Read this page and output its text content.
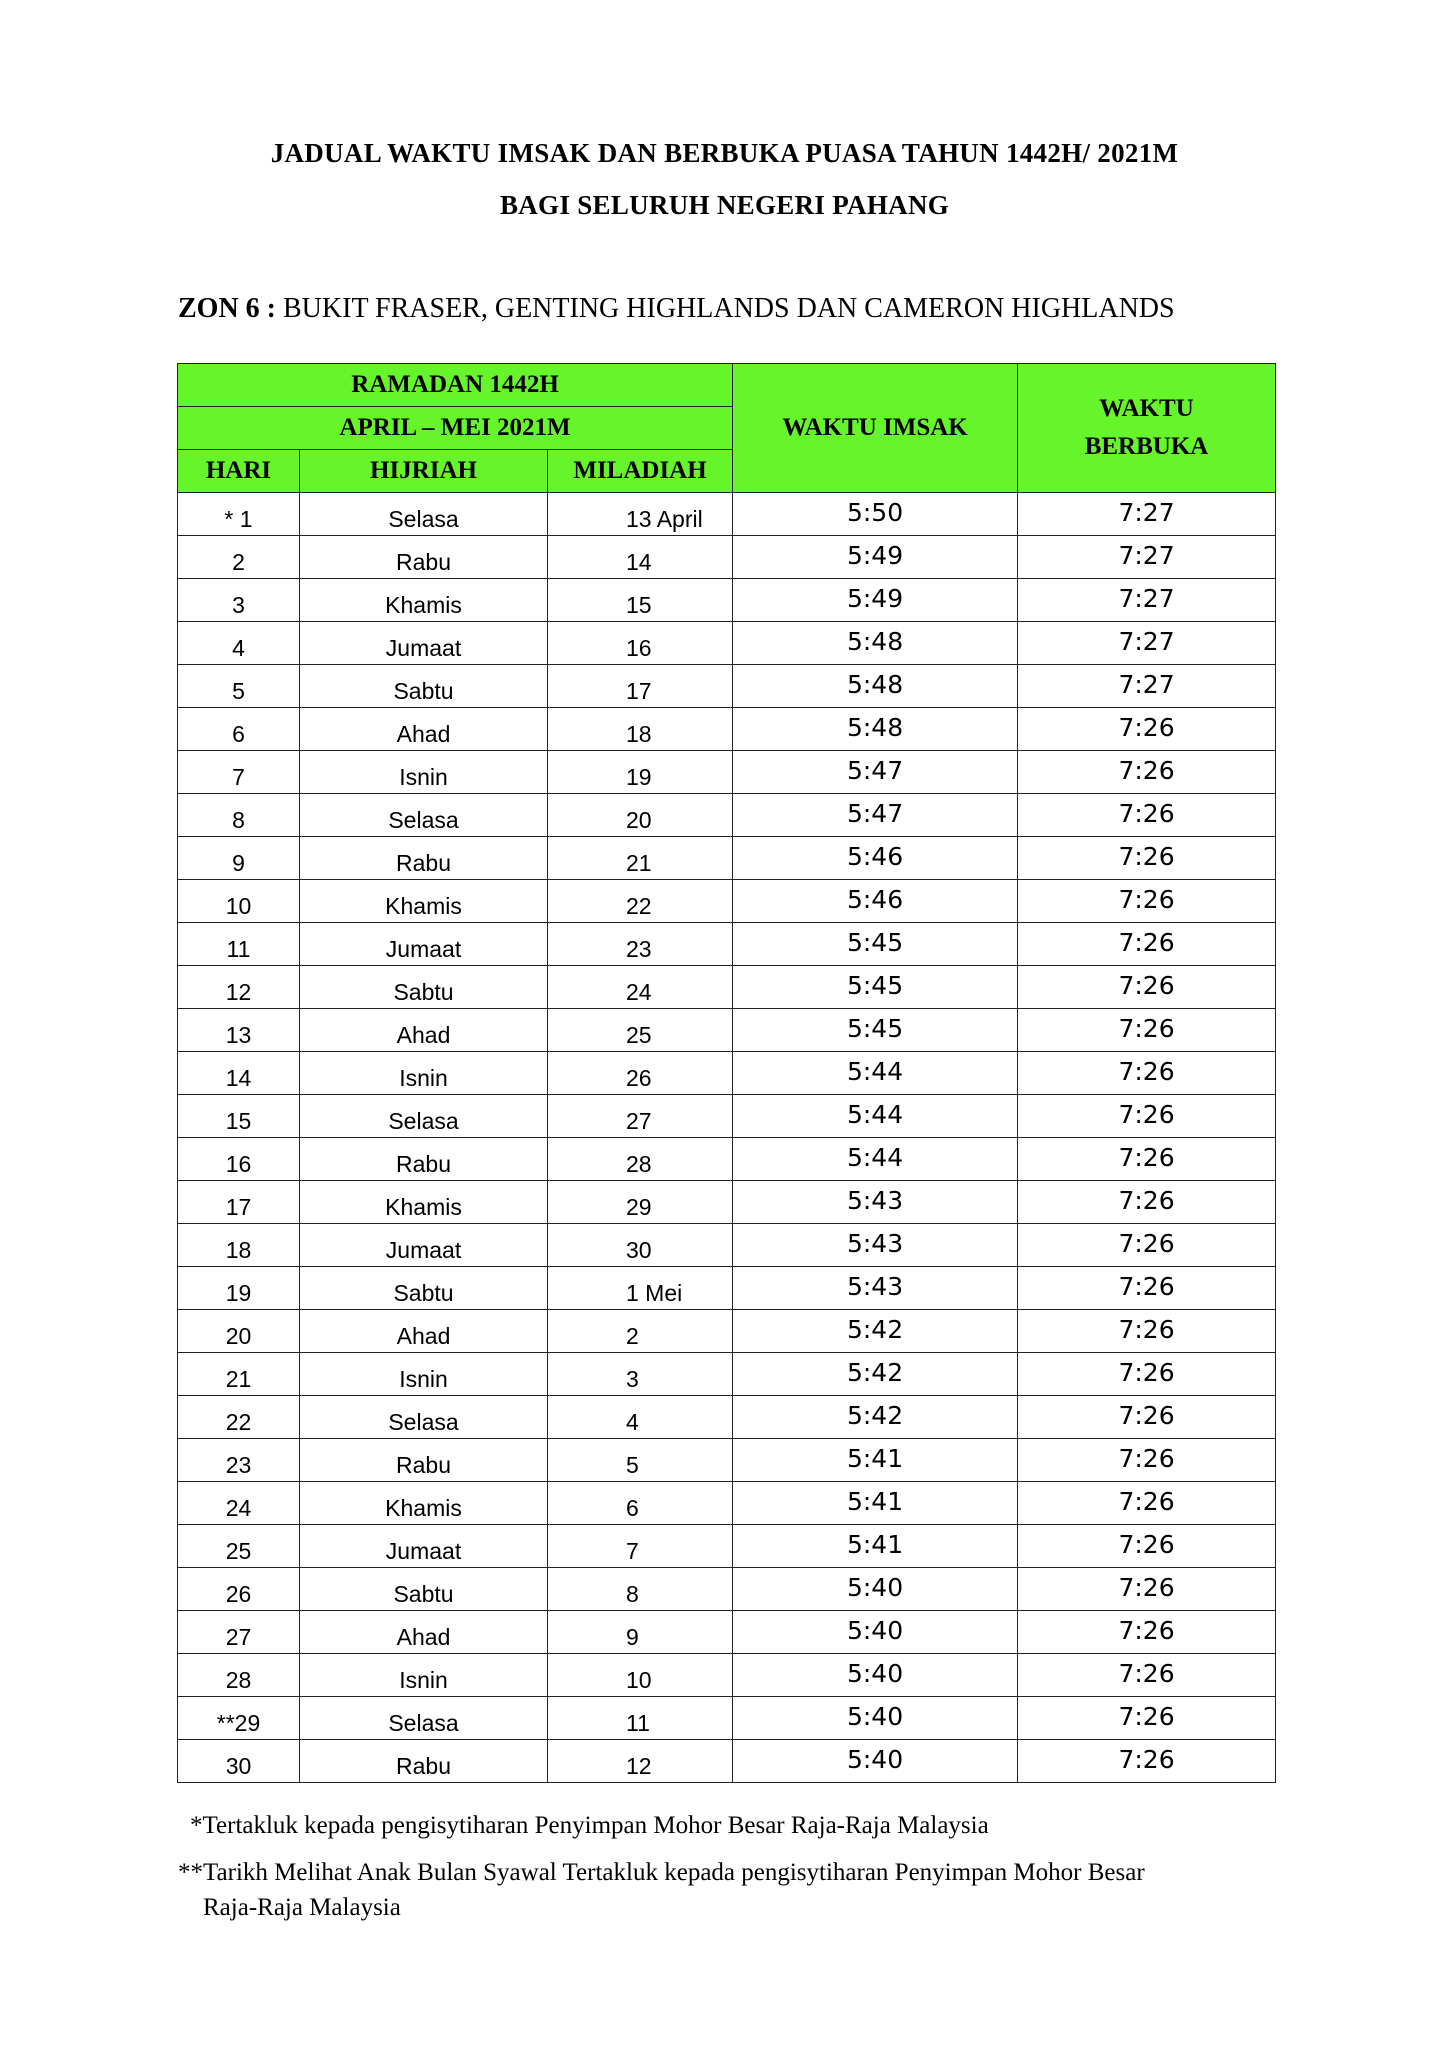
JADUAL WAKTU IMSAK DAN BERBUKA PUASA TAHUN 1442H/ 2021M
BAGI SELURUH NEGERI PAHANG
ZON 6 : BUKIT FRASER, GENTING HIGHLANDS DAN CAMERON HIGHLANDS
RAMADAN 1442H			WAKTU IMSAK	WAKTU
BERBUKA

APRIL – MEI 2021M				
HARI	HIJRIAH	MILADIAH		
* 1	Selasa	13 April	5:50	7:27
2	Rabu	14	5:49	7:27
3	Khamis	15	5:49	7:27
4	Jumaat	16	5:48	7:27
5	Sabtu	17	5:48	7:27
6	Ahad	18	5:48	7:26
7	Isnin	19	5:47	7:26
8	Selasa	20	5:47	7:26
9	Rabu	21	5:46	7:26
10	Khamis	22	5:46	7:26
11	Jumaat	23	5:45	7:26
12	Sabtu	24	5:45	7:26
13	Ahad	25	5:45	7:26
14	Isnin	26	5:44	7:26
15	Selasa	27	5:44	7:26
16	Rabu	28	5:44	7:26
17	Khamis	29	5:43	7:26
18	Jumaat	30	5:43	7:26
19	Sabtu	1 Mei	5:43	7:26
20	Ahad	2	5:42	7:26
21	Isnin	3	5:42	7:26
22	Selasa	4	5:42	7:26
23	Rabu	5	5:41	7:26
24	Khamis	6	5:41	7:26
25	Jumaat	7	5:41	7:26
26	Sabtu	8	5:40	7:26
27	Ahad	9	5:40	7:26
28	Isnin	10	5:40	7:26
**29	Selasa	11	5:40	7:26
30	Rabu	12	5:40	7:26
*Tertakluk kepada pengisytiharan Penyimpan Mohor Besar Raja-Raja Malaysia
**Tarikh Melihat Anak Bulan Syawal Tertakluk kepada pengisytiharan Penyimpan Mohor Besar
Raja-Raja Malaysia
